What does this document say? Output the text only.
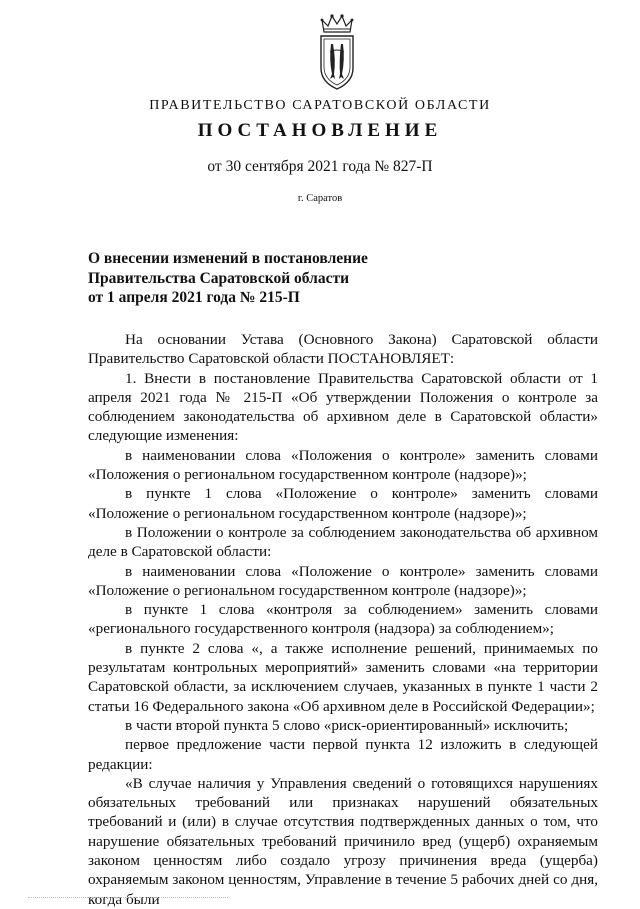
ПРАВИТЕЛЬСТВО САРАТОВСКОЙ ОБЛАСТИ
ПОСТАНОВЛЕНИЕ
от 30 сентября 2021 года № 827-П
г. Саратов
О внесении изменений в постановление
Правительства Саратовской области
от 1 апреля 2021 года № 215-П

На основании Устава (Основного Закона) Саратовской области Правительство Саратовской области ПОСТАНОВЛЯЕТ:

1. Внести в постановление Правительства Саратовской области от 1 апреля 2021 года № 215-П «Об утверждении Положения о контроле за соблюдением законодательства об архивном деле в Саратовской области» следующие изменения:

в наименовании слова «Положения о контроле» заменить словами «Положения о региональном государственном контроле (надзоре)»;

в пункте 1 слова «Положение о контроле» заменить словами «Положение о региональном государственном контроле (надзоре)»;

в Положении о контроле за соблюдением законодательства об архивном деле в Саратовской области:

в наименовании слова «Положение о контроле» заменить словами «Положение о региональном государственном контроле (надзоре)»;

в пункте 1 слова «контроля за соблюдением» заменить словами «регионального государственного контроля (надзора) за соблюдением»;

в пункте 2 слова «, а также исполнение решений, принимаемых по результатам контрольных мероприятий» заменить словами «на территории Саратовской области, за исключением случаев, указанных в пункте 1 части 2 статьи 16 Федерального закона «Об архивном деле в Российской Федерации»;

в части второй пункта 5 слово «риск-ориентированный» исключить;

первое предложение части первой пункта 12 изложить в следующей редакции:

«В случае наличия у Управления сведений о готовящихся нарушениях обязательных требований или признаках нарушений обязательных требований и (или) в случае отсутствия подтвержденных данных о том, что нарушение обязательных требований причинило вред (ущерб) охраняемым законом ценностям либо создало угрозу причинения вреда (ущерба) охраняемым законом ценностям, Управление в течение 5 рабочих дней со дня, когда были
